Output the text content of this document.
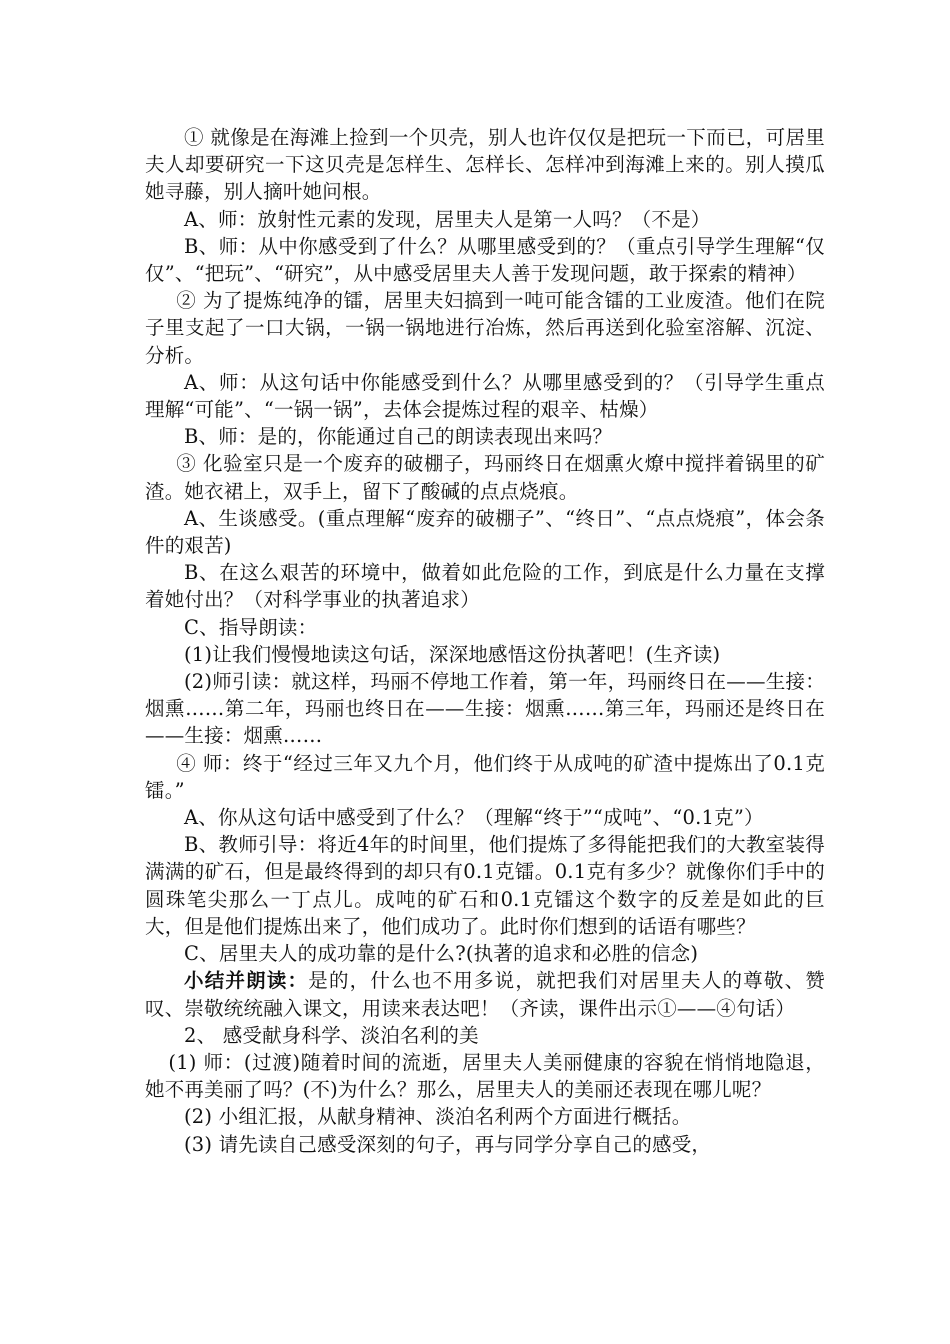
① 就像是在海滩上捡到一个贝壳，别人也许仅仅是把玩一下而已，可居里夫人却要研究一下这贝壳是怎样生、怎样长、怎样冲到海滩上来的。别人摸瓜她寻藤，别人摘叶她问根。

A、师：放射性元素的发现，居里夫人是第一人吗？（不是）

B、师：从中你感受到了什么？从哪里感受到的？（重点引导学生理解“仅仅”、“把玩”、“研究”，从中感受居里夫人善于发现问题，敢于探索的精神）

② 为了提炼纯净的镭，居里夫妇搞到一吨可能含镭的工业废渣。他们在院子里支起了一口大锅，一锅一锅地进行冶炼，然后再送到化验室溶解、沉淀、分析。

A、师：从这句话中你能感受到什么？从哪里感受到的？（引导学生重点理解“可能”、“一锅一锅”，去体会提炼过程的艰辛、枯燥）

B、师：是的，你能通过自己的朗读表现出来吗？

③ 化验室只是一个废弃的破棚子，玛丽终日在烟熏火燎中搅拌着锅里的矿渣。她衣裙上，双手上，留下了酸碱的点点烧痕。

A、生谈感受。(重点理解“废弃的破棚子”、“终日”、“点点烧痕”，体会条件的艰苦)

B、在这么艰苦的环境中，做着如此危险的工作，到底是什么力量在支撑着她付出？（对科学事业的执著追求）

C、指导朗读：

(1)让我们慢慢地读这句话，深深地感悟这份执著吧！(生齐读)

(2)师引读：就这样，玛丽不停地工作着，第一年，玛丽终日在——生接：烟熏……第二年，玛丽也终日在——生接：烟熏……第三年，玛丽还是终日在——生接：烟熏……

④ 师：终于“经过三年又九个月，他们终于从成吨的矿渣中提炼出了0.1克镭。”

A、你从这句话中感受到了什么？（理解“终于”“成吨”、“0.1克”）

B、教师引导：将近4年的时间里，他们提炼了多得能把我们的大教室装得满满的矿石，但是最终得到的却只有0.1克镭。0.1克有多少？就像你们手中的圆珠笔尖那么一丁点儿。成吨的矿石和0.1克镭这个数字的反差是如此的巨大，但是他们提炼出来了，他们成功了。此时你们想到的话语有哪些？

C、居里夫人的成功靠的是什么?(执著的追求和必胜的信念)

小结并朗读：是的，什么也不用多说，就把我们对居里夫人的尊敬、赞叹、崇敬统统融入课文，用读来表达吧！（齐读，课件出示①——④句话）

2、 感受献身科学、淡泊名利的美

(1) 师：(过渡)随着时间的流逝，居里夫人美丽健康的容貌在悄悄地隐退，她不再美丽了吗？(不)为什么？那么，居里夫人的美丽还表现在哪儿呢？

(2) 小组汇报，从献身精神、淡泊名利两个方面进行概括。

(3) 请先读自己感受深刻的句子，再与同学分享自己的感受，
